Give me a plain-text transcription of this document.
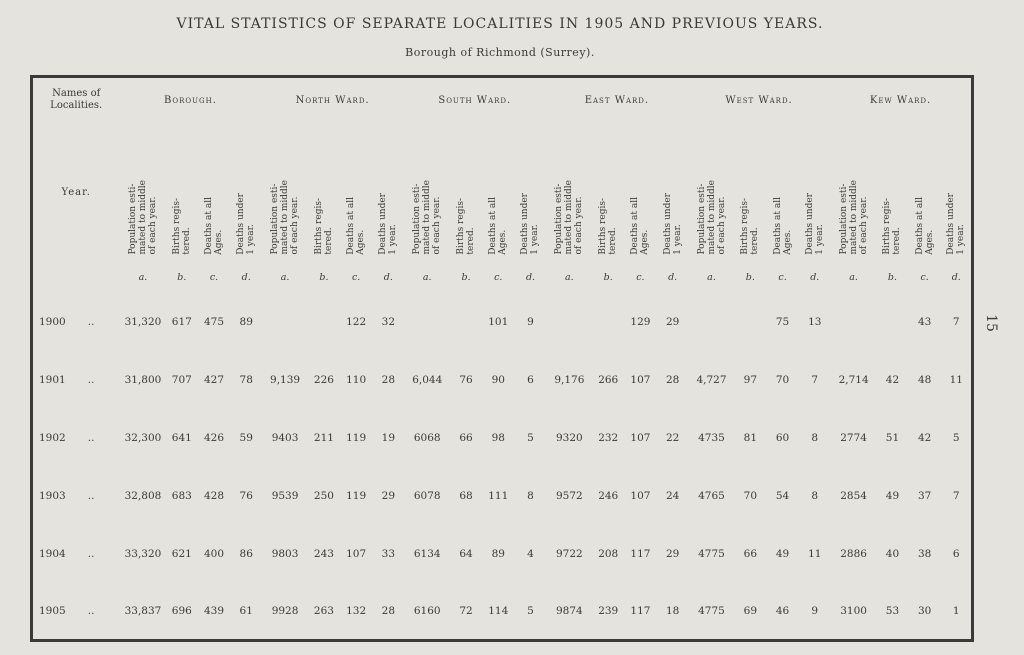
VITAL STATISTICS OF SEPARATE LOCALITIES IN 1905 AND PREVIOUS YEARS.
Borough of Richmond (Surrey).
15
Names of Localities.	Borough.				North Ward.				South Ward.				East Ward.				West Ward.				Kew Ward.			
Year.	Population esti-
mated to middle
of each year.	Births regis-
tered.	Deaths at all
Ages.	Deaths under
1 year.	Population esti-
mated to middle
of each year.	Births regis-
tered.	Deaths at all
Ages.	Deaths under
1 year.	Population esti-
mated to middle
of each year.	Births regis-
tered.	Deaths at all
Ages.	Deaths under
1 year.	Population esti-
mated to middle
of each year.	Births regis-
tered.	Deaths at all
Ages.	Deaths under
1 year.	Population esti-
mated to middle
of each year.	Births regis-
tered.	Deaths at all
Ages.	Deaths under
1 year.	Population esti-
mated to middle
of each year.	Births regis-
tered.	Deaths at all
Ages.	Deaths under
1 year.

	a.	b.	c.	d.	a.	b.	c.	d.	a.	b.	c.	d.	a.	b.	c.	d.	a.	b.	c.	d.	a.	b.	c.	d.
1900 ..	31,320	617	475	89			122	32			101	9			129	29			75	13			43	7
1901 ..	31,800	707	427	78	9,139	226	110	28	6,044	76	90	6	9,176	266	107	28	4,727	97	70	7	2,714	42	48	11
1902 ..	32,300	641	426	59	9403	211	119	19	6068	66	98	5	9320	232	107	22	4735	81	60	8	2774	51	42	5
1903 ..	32,808	683	428	76	9539	250	119	29	6078	68	111	8	9572	246	107	24	4765	70	54	8	2854	49	37	7
1904 ..	33,320	621	400	86	9803	243	107	33	6134	64	89	4	9722	208	117	29	4775	66	49	11	2886	40	38	6
1905 ..	33,837	696	439	61	9928	263	132	28	6160	72	114	5	9874	239	117	18	4775	69	46	9	3100	53	30	1
